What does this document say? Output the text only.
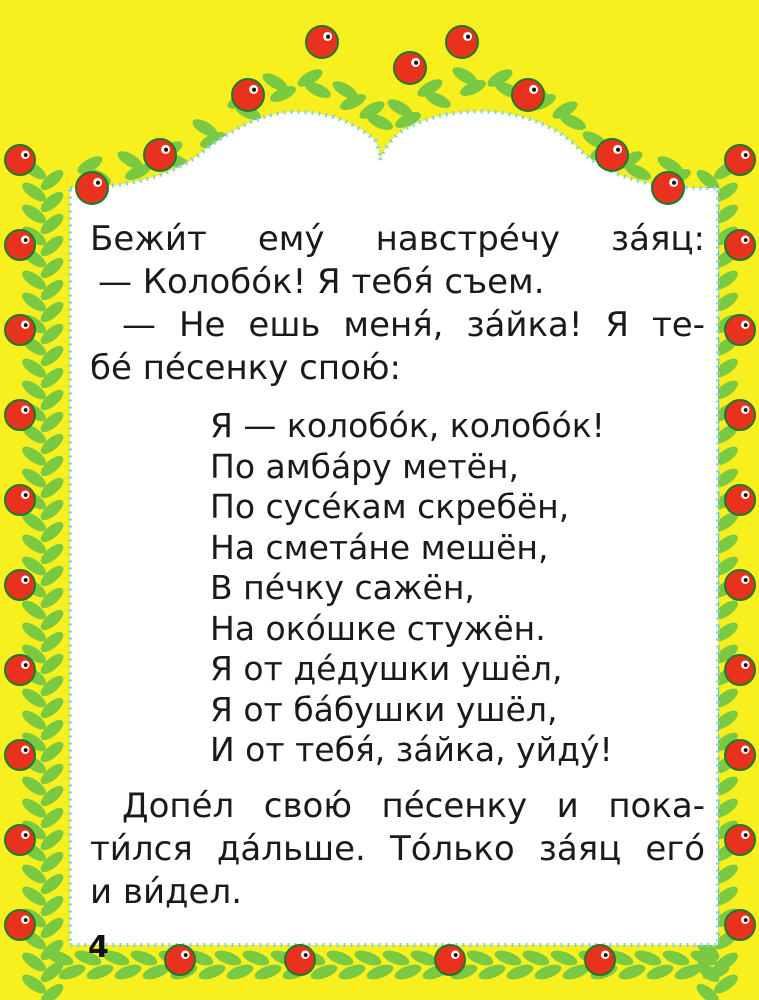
Бежи́т ему́ навстре́чу за́яц:
— Колобо́к! Я тебя́ съем.
— Не ешь меня́, за́йка! Я те-
бе́ пе́сенку спою́:
Я — колобо́к, колобо́к!
По амба́ру метён,
По сусе́кам скребён,
На смета́не мешён,
В пе́чку сажён,
На око́шке стужён.
Я от де́душки ушёл,
Я от ба́бушки ушёл,
И от тебя́, за́йка, уйду́!
Допе́л свою́ пе́сенку и пока-
ти́лся да́льше. То́лько за́яц его́
и ви́дел.
4
